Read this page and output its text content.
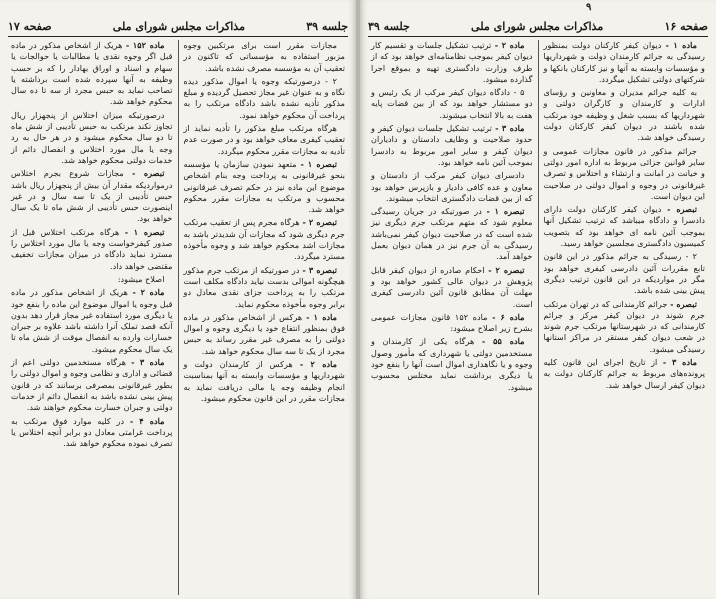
جلسه ۳۹
مذاکرات مجلس شورای ملی
صفحه ۱۷

مجازات مقرر است برای مرتکبین وجوه مزبور استفاده به مؤسساتی که تاکنون در تعقیب آن به مؤسسه مصرف نشده باشد.

۲ - درصورتیکه وجوه یا اموال مذکور دیده نگاه و به عنوان غیر مجاز تحصیل گردیده و مبلغ مذکور تأدیه نشده باشد دادگاه مرتکب را به پرداخت آن محکوم خواهد نمود.

هرگاه مرتکب مبلغ مذکور را تأدیه نماید از تعقیب کیفری معاف خواهد بود و در صورت عدم تأدیه به مجازات مقرر محکوم میگردد.

تبصره ۱ - متعهد نمودن سازمان یا مؤسسه بنحو غیرقانونی به پرداخت وجه بنام اشخاص موضوع این ماده نیز در حکم تصرف غیرقانونی محسوب و مرتکب به مجازات مقرر محکوم خواهد شد.

تبصره ۲ - هرگاه مجرم پس از تعقیب مرتکب جرم دیگری شود که مجازات آن شدیدتر باشد به مجازات اشد محکوم خواهد شد و وجوه مأخوذه مسترد میگردد.

تبصره ۳ - در صورتیکه از مرتکب جرم مذکور هیچگونه اموالی بدست نیاید دادگاه مکلف است مرتکب را به پرداخت جزای نقدی معادل دو برابر وجوه مأخوذه محکوم نماید.

ماده ۱ - هرکس از اشخاص مذکور در ماده فوق بمنظور انتفاع خود یا دیگری وجوه و اموال دولتی را به مصرف غیر مقرر رساند به حبس مجرد از یک تا سه سال محکوم خواهد شد.

ماده ۲ - هرکس از کارمندان دولت و شهرداریها و مؤسسات وابسته به آنها بمناسبت انجام وظیفه وجه یا مالی دریافت نماید به مجازات مقرر در این قانون محکوم میشود.

ماده ۱۵۲ - هریک از اشخاص مذکور در ماده قبل اگر وجوه نقدی یا مطالبات یا حوالجات یا سهام و اسناد و اوراق بهادار را که بر حسب وظیفه به آنها سپرده شده است برداشته یا تصاحب نماید به حبس مجرد از سه تا ده سال محکوم خواهد شد.

درصورتیکه میزان اختلاس از پنجهزار ریال تجاوز نکند مرتکب به حبس تأدیبی از شش ماه تا دو سال محکوم میشود و در هر حال به رد وجه یا مال مورد اختلاس و انفصال دائم از خدمات دولتی محکوم خواهد شد.

تبصره - مجازات شروع بجرم اختلاس درمواردیکه مقدار آن بیش از پنجهزار ریال باشد حبس تأدیبی از یک تا سه سال و در غیر اینصورت حبس تأدیبی از شش ماه تا یک سال خواهد بود.

تبصره ۱ - هرگاه مرتکب اختلاس قبل از صدور کیفرخواست وجه یا مال مورد اختلاس را مسترد نماید دادگاه در میزان مجازات تخفیف مقتضی خواهد داد.

اصلاح میشود:

ماده ۲ - هریک از اشخاص مذکور در ماده قبل وجوه یا اموال موضوع این ماده را بنفع خود یا دیگری مورد استفاده غیر مجاز قرار دهد بدون آنکه قصد تملک آنرا داشته باشد علاوه بر جبران خسارات وارده به انفصال موقت از شش ماه تا یک سال محکوم میشود.

ماده ۳ - هرگاه مستخدمین دولتی اعم از قضائی و اداری و نظامی وجوه و اموال دولتی را بطور غیرقانونی بمصرفی برسانند که در قانون پیش بینی نشده باشد به انفصال دائم از خدمات دولتی و جبران خسارت محکوم خواهند شد.

ماده ۴ - در کلیه موارد فوق مرتکب به پرداخت غرامتی معادل دو برابر آنچه اختلاس یا تصرف نموده محکوم خواهد شد.

۹
صفحه ۱۶
مذاکرات مجلس شورای ملی
جلسه ۳۹

ماده ۱ - دیوان کیفر کارکنان دولت بمنظور رسیدگی به جرائم کارمندان دولت و شهرداریها و مؤسسات وابسته به آنها و نیز کارکنان بانکها و شرکتهای دولتی تشکیل میگردد.

به کلیه جرائم مدیران و معاونین و رؤسای ادارات و کارمندان و کارگران دولتی و شهرداریها که بسبب شغل و وظیفه خود مرتکب شده باشند در دیوان کیفر کارکنان دولت رسیدگی خواهد شد.

جرائم مذکور در قانون مجازات عمومی و سایر قوانین جزائی مربوط به اداره امور دولتی و خیانت در امانت و ارتشاء و اختلاس و تصرف غیرقانونی در وجوه و اموال دولتی در صلاحیت این دیوان است.

تبصره - دیوان کیفر کارکنان دولت دارای دادسرا و دادگاه میباشد که ترتیب تشکیل آنها بموجب آئین نامه ای خواهد بود که بتصویب کمیسیون دادگستری مجلسین خواهد رسید.

۲ - رسیدگی به جرائم مذکور در این قانون تابع مقررات آئین دادرسی کیفری خواهد بود مگر در مواردیکه در این قانون ترتیب دیگری پیش بینی شده باشد.

تبصره - جرائم کارمندانی که در تهران مرتکب جرم شوند در دیوان کیفر مرکز و جرائم کارمندانی که در شهرستانها مرتکب جرم شوند در شعب دیوان کیفر مستقر در مراکز استانها رسیدگی میشود.

ماده ۳ - از تاریخ اجرای این قانون کلیه پرونده‌های مربوط به جرائم کارکنان دولت به دیوان کیفر ارسال خواهد شد.

ماده ۲ - ترتیب تشکیل جلسات و تقسیم کار دیوان کیفر بموجب نظامنامه‌ای خواهد بود که از طرف وزارت دادگستری تهیه و بموقع اجرا گذارده میشود.

۵ - دادگاه دیوان کیفر مرکب از یک رئیس و دو مستشار خواهد بود که از بین قضات پایه هفت به بالا انتخاب میشوند.

ماده ۳ - ترتیب تشکیل جلسات دیوان کیفر و حدود صلاحیت و وظایف دادستان و دادیاران دیوان کیفر و سایر امور مربوط به دادسرا بموجب آئین نامه خواهد بود.

دادسرای دیوان کیفر مرکب از دادستان و معاون و عده کافی دادیار و بازپرس خواهد بود که از بین قضات دادگستری انتخاب میشوند.

تبصره ۱ - در صورتیکه در جریان رسیدگی معلوم شود که متهم مرتکب جرم دیگری نیز شده است که در صلاحیت دیوان کیفر نمی‌باشد رسیدگی به آن جرم نیز در همان دیوان بعمل خواهد آمد.

تبصره ۲ - احکام صادره از دیوان کیفر قابل پژوهش در دیوان عالی کشور خواهد بود و مهلت آن مطابق قانون آئین دادرسی کیفری است.

ماده ۶ - ماده ۱۵۲ قانون مجازات عمومی بشرح زیر اصلاح میشود:

ماده ۵۵ - هرگاه یکی از کارمندان و مستخدمین دولتی یا شهرداری که مأمور وصول وجوه و یا نگاهداری اموال است آنها را بنفع خود یا دیگری برداشت نماید مختلس محسوب میشود.
